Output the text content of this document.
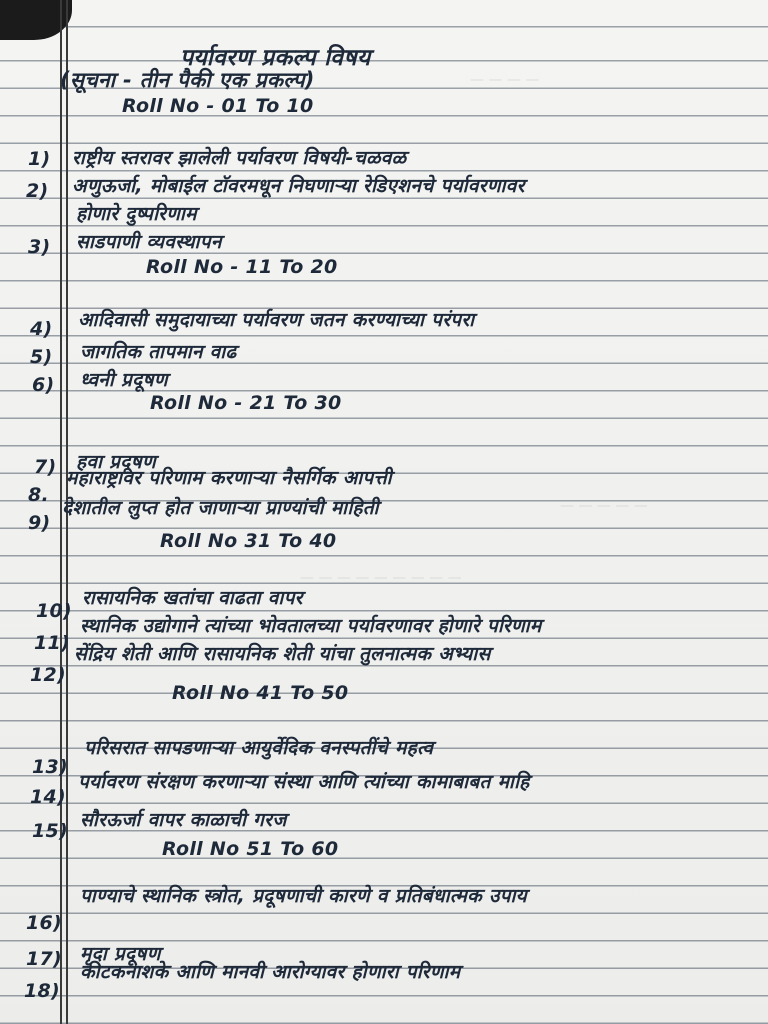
— — — —
— — — — —
— — — — — — — — —
पर्यावरण प्रकल्प विषय
(सूचना - तीन पैकी एक प्रकल्प)
Roll No - 01 To 10
1) राष्ट्रीय स्तरावर झालेली पर्यावरण विषयी-चळवळ
2) अणुऊर्जा, मोबाईल टॉवरमधून निघणाऱ्या रेडिएशनचे पर्यावरणावर
होणारे दुष्परिणाम
3) साडपाणी व्यवस्थापन
Roll No - 11 To 20
4) आदिवासी समुदायाच्या पर्यावरण जतन करण्याच्या परंपरा
5) जागतिक तापमान वाढ
6) ध्वनी प्रदूषण
Roll No - 21 To 30
7) हवा प्रदूषण
8.
महाराष्ट्रावर परिणाम करणाऱ्या नैसर्गिक आपत्ती
9)
देशातील लुप्त होत जाणाऱ्या प्राण्यांची माहिती
Roll No 31 To 40
10)
रासायनिक खतांचा वाढता वापर
11)
स्थानिक उद्योगाने त्यांच्या भोवतालच्या पर्यावरणावर होणारे परिणाम
12)
सेंद्रिय शेती आणि रासायनिक शेती यांचा तुलनात्मक अभ्यास
Roll No 41 To 50
13)
परिसरात सापडणाऱ्या आयुर्वेदिक वनस्पतींचे महत्व
14)
पर्यावरण संरक्षण करणाऱ्या संस्था आणि त्यांच्या कामाबाबत माहि
15) सौरऊर्जा वापर काळाची गरज
Roll No 51 To 60
16)
पाण्याचे स्थानिक स्त्रोत, प्रदूषणाची कारणे व प्रतिबंधात्मक उपाय
17) मृदा प्रदूषण
18)
कीटकनाशके आणि मानवी आरोग्यावर होणारा परिणाम
